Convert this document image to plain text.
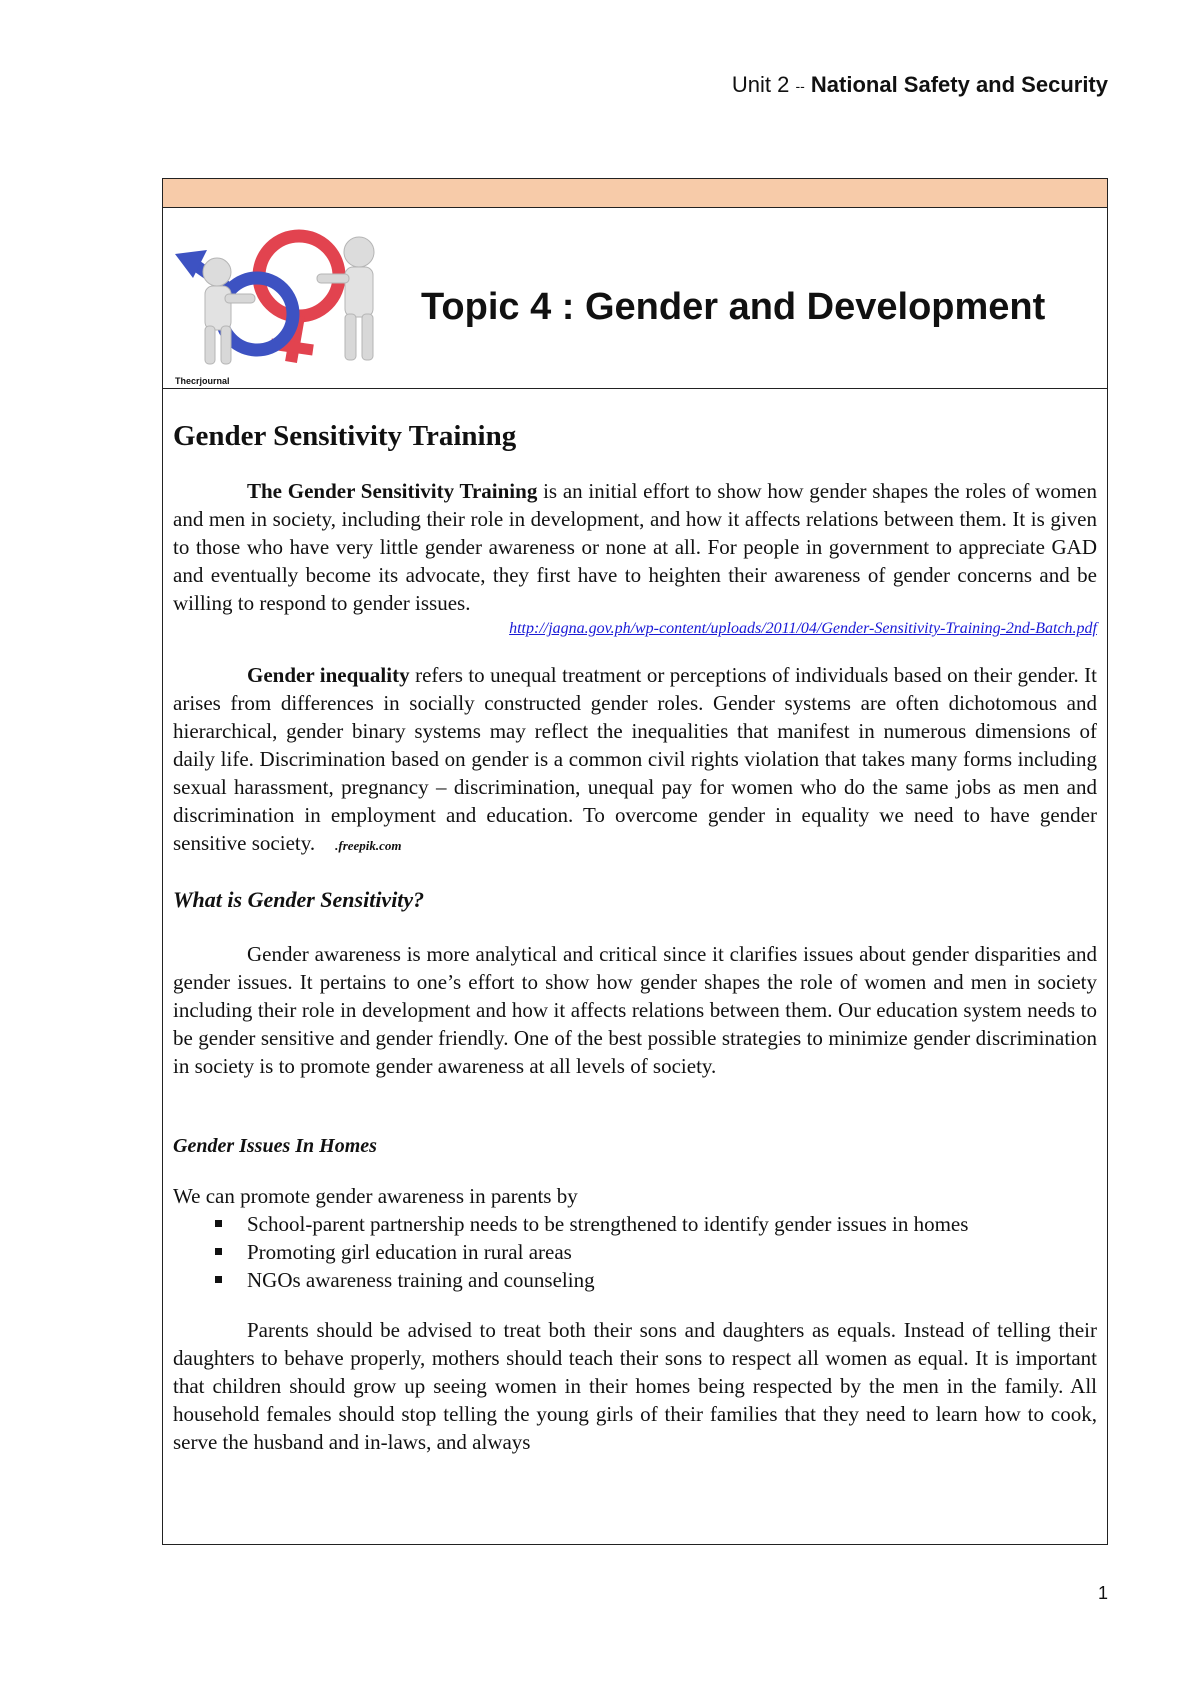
Unit 2 -- National Safety and Security
Thecrjournal
Topic 4 : Gender and Development
Gender Sensitivity Training

The Gender Sensitivity Training is an initial effort to show how gender shapes the roles of women and men in society, including their role in development, and how it affects relations between them. It is given to those who have very little gender awareness or none at all. For people in government to appreciate GAD and eventually become its advocate, they first have to heighten their awareness of gender concerns and be willing to respond to gender issues.

http://jagna.gov.ph/wp-content/uploads/2011/04/Gender-Sensitivity-Training-2nd-Batch.pdf

Gender inequality refers to unequal treatment or perceptions of individuals based on their gender. It arises from differences in socially constructed gender roles. Gender systems are often dichotomous and hierarchical, gender binary systems may reflect the inequalities that manifest in numerous dimensions of daily life. Discrimination based on gender is a common civil rights violation that takes many forms including sexual harassment, pregnancy – discrimination, unequal pay for women who do the same jobs as men and discrimination in employment and education. To overcome gender in equality we need to have gender sensitive society. .freepik.com

What is Gender Sensitivity?

Gender awareness is more analytical and critical since it clarifies issues about gender disparities and gender issues. It pertains to one’s effort to show how gender shapes the role of women and men in society including their role in development and how it affects relations between them. Our education system needs to be gender sensitive and gender friendly. One of the best possible strategies to minimize gender discrimination in society is to promote gender awareness at all levels of society.

Gender Issues In Homes

We can promote gender awareness in parents by

School-parent partnership needs to be strengthened to identify gender issues in homes
Promoting girl education in rural areas
NGOs awareness training and counseling

Parents should be advised to treat both their sons and daughters as equals. Instead of telling their daughters to behave properly, mothers should teach their sons to respect all women as equal. It is important that children should grow up seeing women in their homes being respected by the men in the family. All household females should stop telling the young girls of their families that they need to learn how to cook, serve the husband and in-laws, and always

1
